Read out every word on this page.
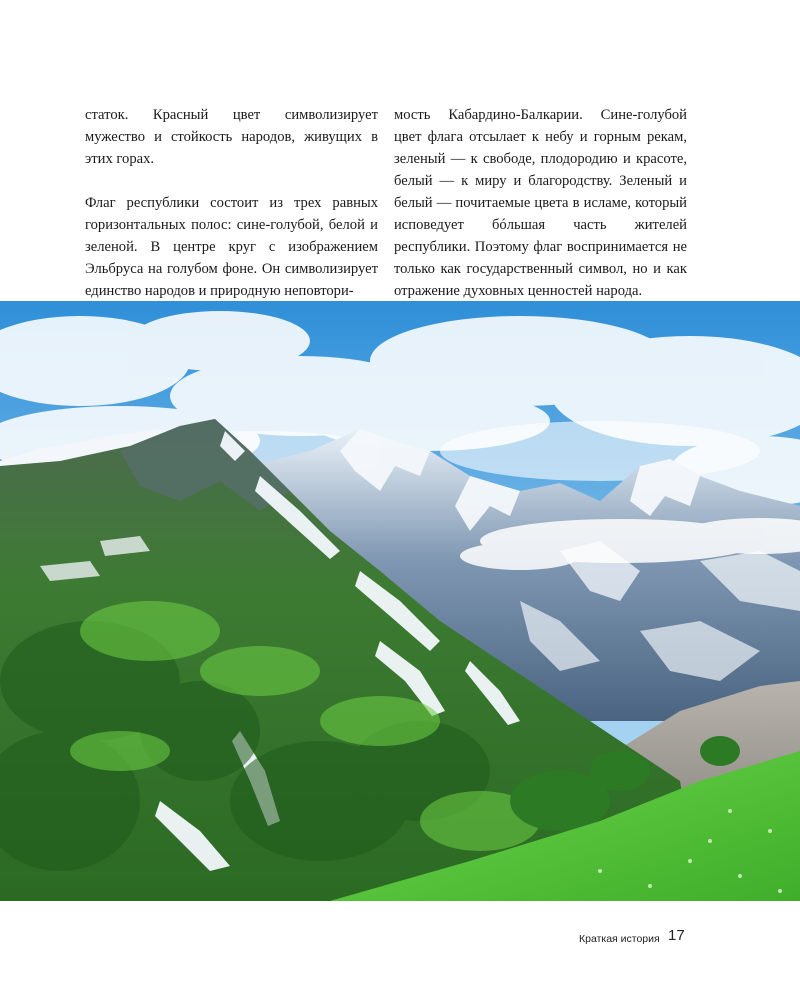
статок. Красный цвет символизирует мужество и стойкость народов, живущих в этих горах.

Флаг республики состоит из трех равных горизонтальных полос: сине-голубой, белой и зеленой. В центре круг с изображением Эльбруса на голубом фоне. Он символизирует единство народов и природную неповтори-

мость Кабардино-Балкарии. Сине-голубой цвет флага отсылает к небу и горным рекам, зеленый — к свободе, плодородию и красоте, белый — к миру и благородству. Зеленый и белый — почитаемые цвета в исламе, который исповедует бóльшая часть жителей республики. Поэтому флаг воспринимается не только как государственный символ, но и как отражение духовных ценностей народа.

Краткая история 17
